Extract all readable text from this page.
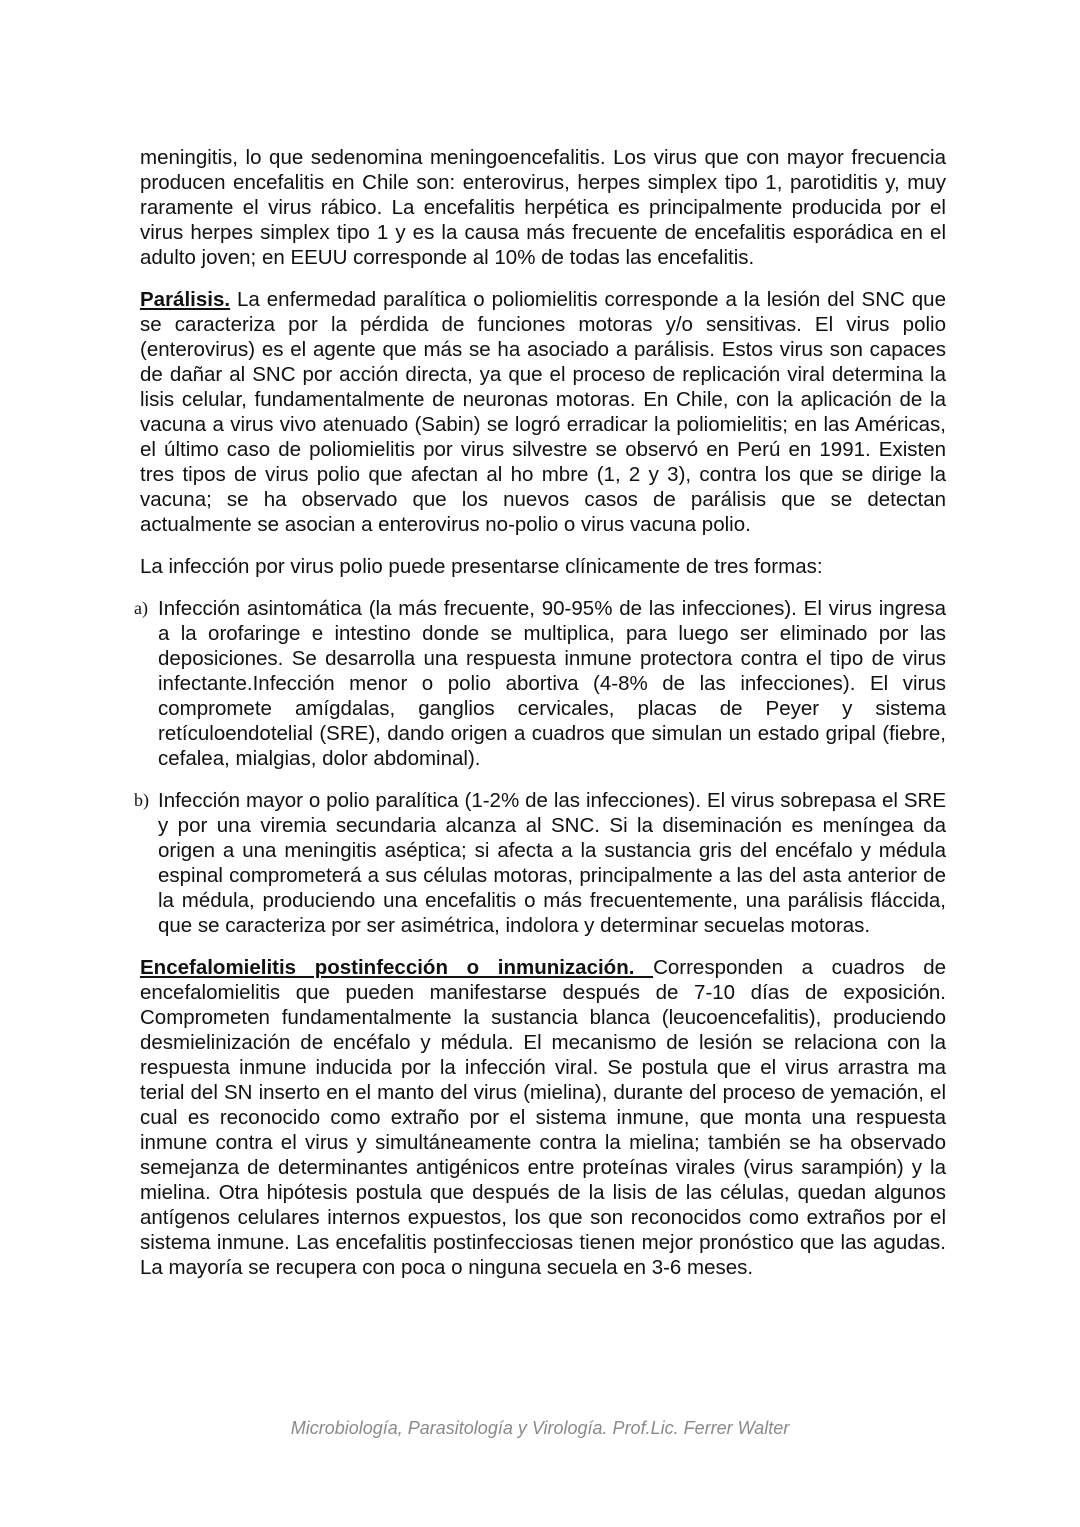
meningitis, lo que sedenomina meningoencefalitis. Los virus que con mayor frecuencia producen encefalitis en Chile son: enterovirus, herpes simplex tipo 1, parotiditis y, muy raramente el virus rábico. La encefalitis herpética es principalmente producida por el virus herpes simplex tipo 1 y es la causa más frecuente de encefalitis esporádica en el adulto joven; en EEUU corresponde al 10% de todas las encefalitis.

Parálisis. La enfermedad paralítica o poliomielitis corresponde a la lesión del SNC que se caracteriza por la pérdida de funciones motoras y/o sensitivas. El virus polio (enterovirus) es el agente que más se ha asociado a parálisis. Estos virus son capaces de dañar al SNC por acción directa, ya que el proceso de replicación viral determina la lisis celular, fundamentalmente de neuronas motoras. En Chile, con la aplicación de la vacuna a virus vivo atenuado (Sabin) se logró erradicar la poliomielitis; en las Américas, el último caso de poliomielitis por virus silvestre se observó en Perú en 1991. Existen tres tipos de virus polio que afectan al ho mbre (1, 2 y 3), contra los que se dirige la vacuna; se ha observado que los nuevos casos de parálisis que se detectan actualmente se asocian a enterovirus no-polio o virus vacuna polio.

La infección por virus polio puede presentarse clínicamente de tres formas:

a) Infección asintomática (la más frecuente, 90-95% de las infecciones). El virus ingresa a la orofaringe e intestino donde se multiplica, para luego ser eliminado por las deposiciones. Se desarrolla una respuesta inmune protectora contra el tipo de virus infectante.Infección menor o polio abortiva (4-8% de las infecciones). El virus compromete amígdalas, ganglios cervicales, placas de Peyer y sistema retículoendotelial (SRE), dando origen a cuadros que simulan un estado gripal (fiebre, cefalea, mialgias, dolor abdominal).
b) Infección mayor o polio paralítica (1-2% de las infecciones). El virus sobrepasa el SRE y por una viremia secundaria alcanza al SNC. Si la diseminación es meníngea da origen a una meningitis aséptica; si afecta a la sustancia gris del encéfalo y médula espinal comprometerá a sus células motoras, principalmente a las del asta anterior de la médula, produciendo una encefalitis o más frecuentemente, una parálisis fláccida, que se caracteriza por ser asimétrica, indolora y determinar secuelas motoras.

Encefalomielitis postinfección o inmunización. Corresponden a cuadros de encefalomielitis que pueden manifestarse después de 7-10 días de exposición. Comprometen fundamentalmente la sustancia blanca (leucoencefalitis), produciendo desmielinización de encéfalo y médula. El mecanismo de lesión se relaciona con la respuesta inmune inducida por la infección viral. Se postula que el virus arrastra ma terial del SN inserto en el manto del virus (mielina), durante del proceso de yemación, el cual es reconocido como extraño por el sistema inmune, que monta una respuesta inmune contra el virus y simultáneamente contra la mielina; también se ha observado semejanza de determinantes antigénicos entre proteínas virales (virus sarampión) y la mielina. Otra hipótesis postula que después de la lisis de las células, quedan algunos antígenos celulares internos expuestos, los que son reconocidos como extraños por el sistema inmune. Las encefalitis postinfecciosas tienen mejor pronóstico que las agudas. La mayoría se recupera con poca o ninguna secuela en 3-6 meses.

Microbiología, Parasitología y Virología. Prof.Lic. Ferrer Walter
